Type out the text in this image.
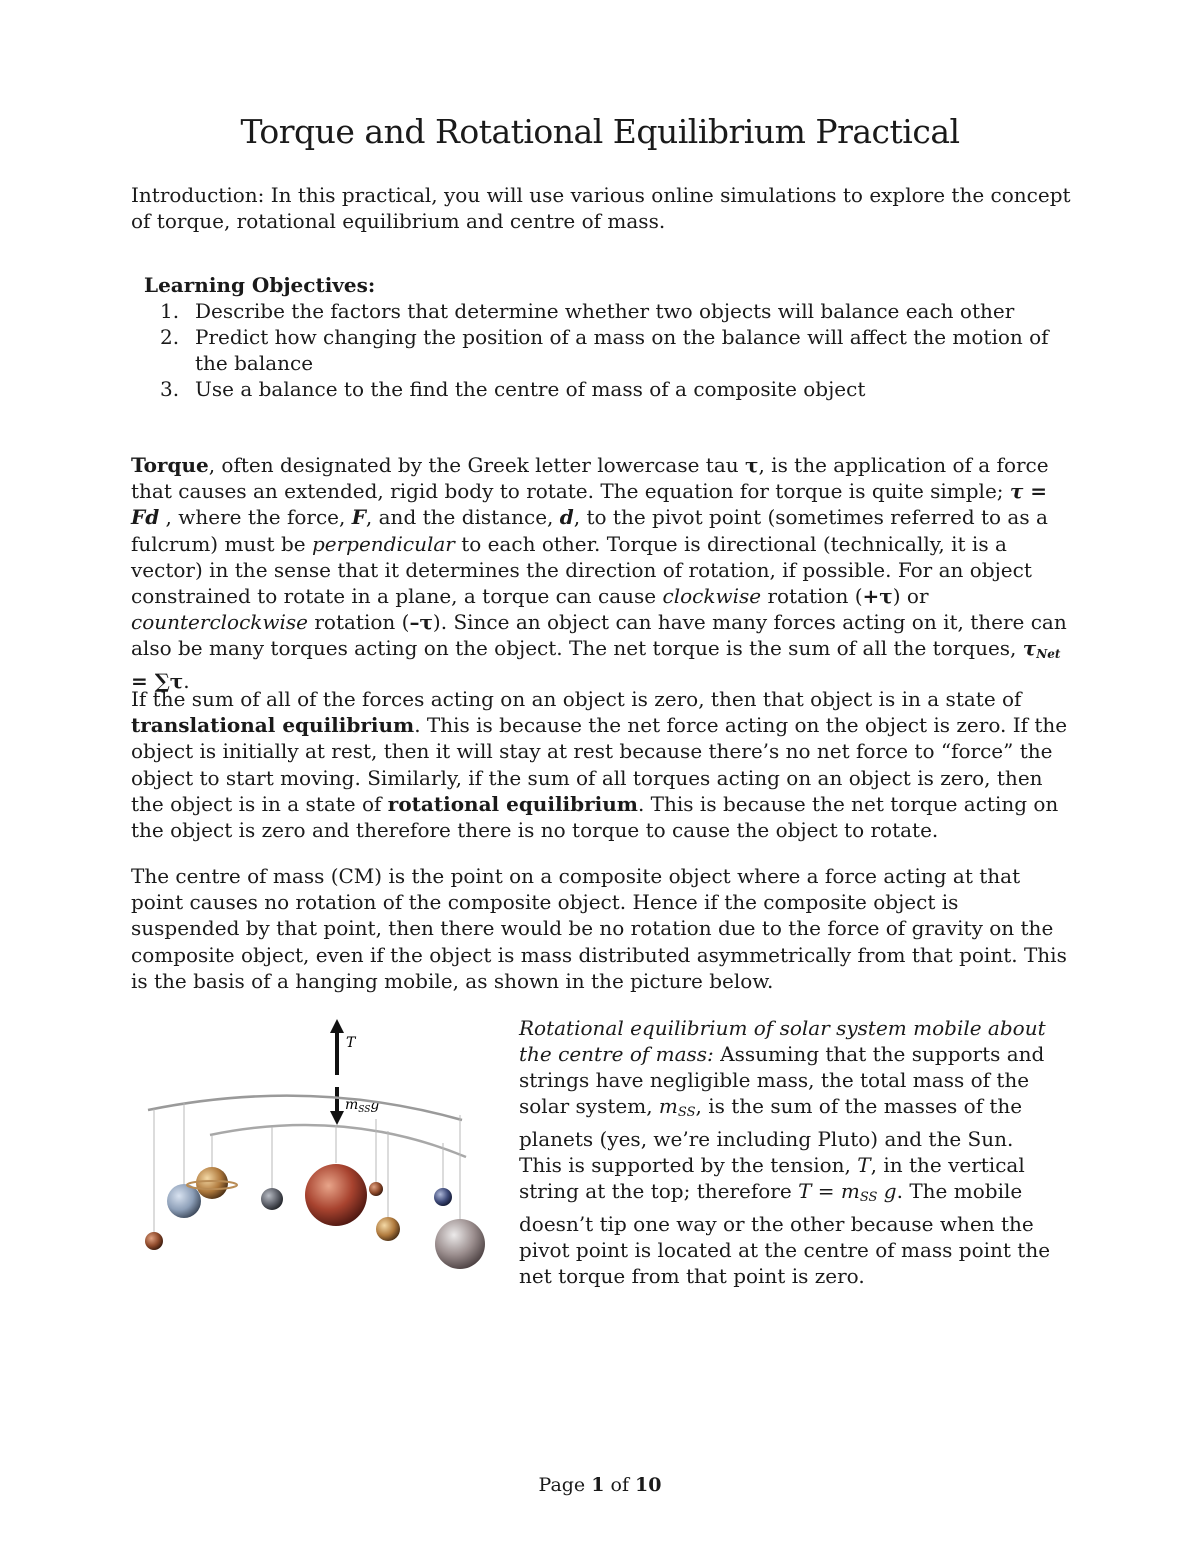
Torque and Rotational Equilibrium Practical

Introduction: In this practical, you will use various online simulations to explore the concept of torque, rotational equilibrium and centre of mass.

Learning Objectives:

1. Describe the factors that determine whether two objects will balance each other
2. Predict how changing the position of a mass on the balance will affect the motion of the balance
3. Use a balance to the find the centre of mass of a composite object

Torque, often designated by the Greek letter lowercase tau τ, is the application of a force that causes an extended, rigid body to rotate. The equation for torque is quite simple; τ = Fd , where the force, F, and the distance, d, to the pivot point (sometimes referred to as a fulcrum) must be perpendicular to each other. Torque is directional (technically, it is a vector) in the sense that it determines the direction of rotation, if possible. For an object constrained to rotate in a plane, a torque can cause clockwise rotation (+τ) or counterclockwise rotation (–τ). Since an object can have many forces acting on it, there can also be many torques acting on the object. The net torque is the sum of all the torques, $\tau_{Net} = \sum\tau$.

If the sum of all of the forces acting on an object is zero, then that object is in a state of translational equilibrium. This is because the net force acting on the object is zero. If the object is initially at rest, then it will stay at rest because there’s no net force to “force” the object to start moving. Similarly, if the sum of all torques acting on an object is zero, then the object is in a state of rotational equilibrium. This is because the net torque acting on the object is zero and therefore there is no torque to cause the object to rotate.

The centre of mass (CM) is the point on a composite object where a force acting at that point causes no rotation of the composite object. Hence if the composite object is suspended by that point, then there would be no rotation due to the force of gravity on the composite object, even if the object is mass distributed asymmetrically from that point. This is the basis of a hanging mobile, as shown in the picture below.

T
$m_{SS}g$

Rotational equilibrium of solar system mobile about the centre of mass: Assuming that the supports and strings have negligible mass, the total mass of the solar system, mSS, is the sum of the masses of the planets (yes, we’re including Pluto) and the Sun. This is supported by the tension, T, in the vertical string at the top; therefore T = mSS g. The mobile doesn’t tip one way or the other because when the pivot point is located at the centre of mass point the net torque from that point is zero.

Page 1 of 10
